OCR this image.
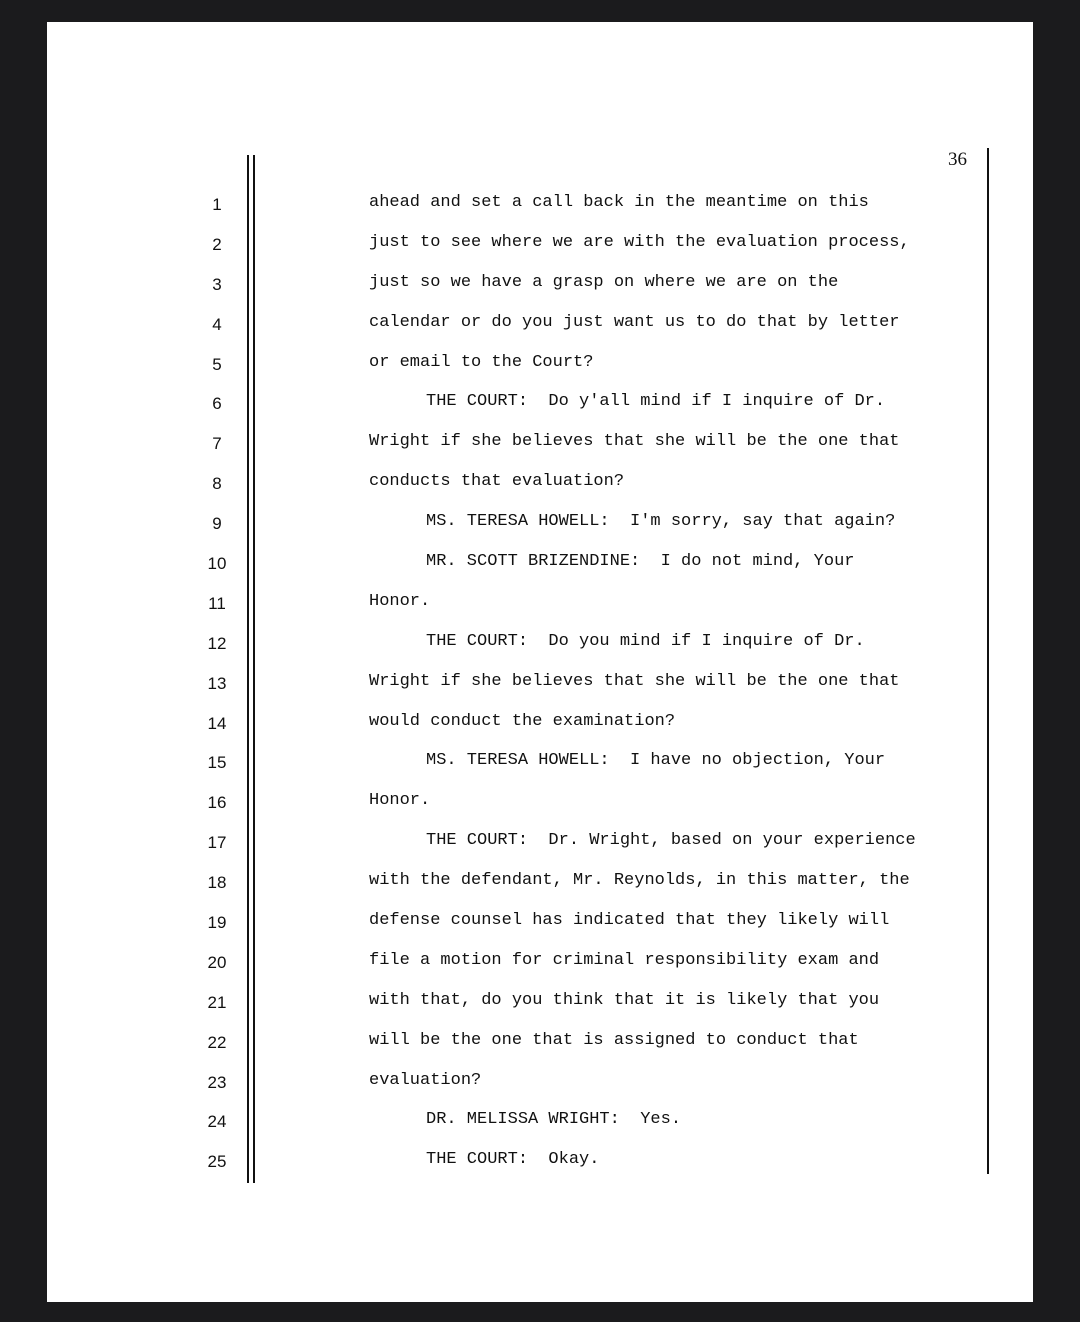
36
1
2
3
4
5
6
7
8
9
10
11
12
13
14
15
16
17
18
19
20
21
22
23
24
25
ahead and set a call back in the meantime on this
just to see where we are with the evaluation process,
just so we have a grasp on where we are on the
calendar or do you just want us to do that by letter
or email to the Court?
THE COURT:  Do y'all mind if I inquire of Dr.
Wright if she believes that she will be the one that
conducts that evaluation?
MS. TERESA HOWELL:  I'm sorry, say that again?
MR. SCOTT BRIZENDINE:  I do not mind, Your
Honor.
THE COURT:  Do you mind if I inquire of Dr.
Wright if she believes that she will be the one that
would conduct the examination?
MS. TERESA HOWELL:  I have no objection, Your
Honor.
THE COURT:  Dr. Wright, based on your experience
with the defendant, Mr. Reynolds, in this matter, the
defense counsel has indicated that they likely will
file a motion for criminal responsibility exam and
with that, do you think that it is likely that you
will be the one that is assigned to conduct that
evaluation?
DR. MELISSA WRIGHT:  Yes.
THE COURT:  Okay.
